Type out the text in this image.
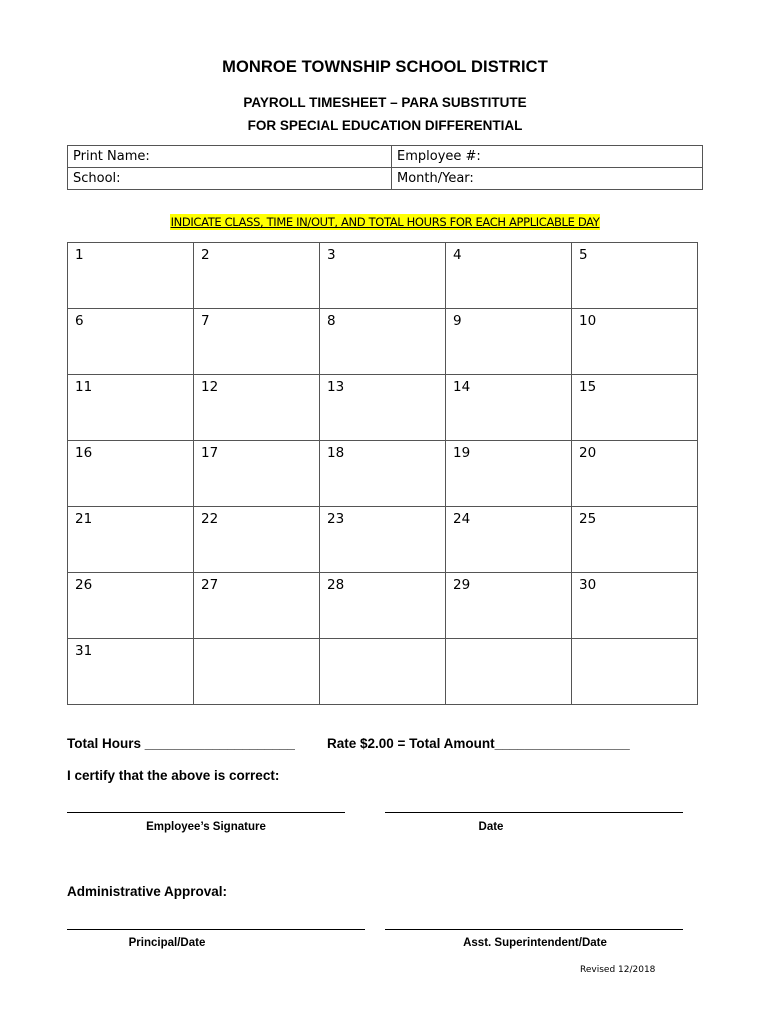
MONROE TOWNSHIP SCHOOL DISTRICT
PAYROLL TIMESHEET – PARA SUBSTITUTE
FOR SPECIAL EDUCATION DIFFERENTIAL
Print Name:	Employee #:
School:	Month/Year:
INDICATE CLASS, TIME IN/OUT, AND TOTAL HOURS FOR EACH APPLICABLE DAY
1	2	3	4	5
6	7	8	9	10
11	12	13	14	15
16	17	18	19	20
21	22	23	24	25
26	27	28	29	30
31				
Total Hours ____________________ Rate $2.00 = Total Amount__________________
I certify that the above is correct:
Employee’s Signature	Date
Administrative Approval:
Principal/Date	Asst. Superintendent/Date
Revised 12/2018
